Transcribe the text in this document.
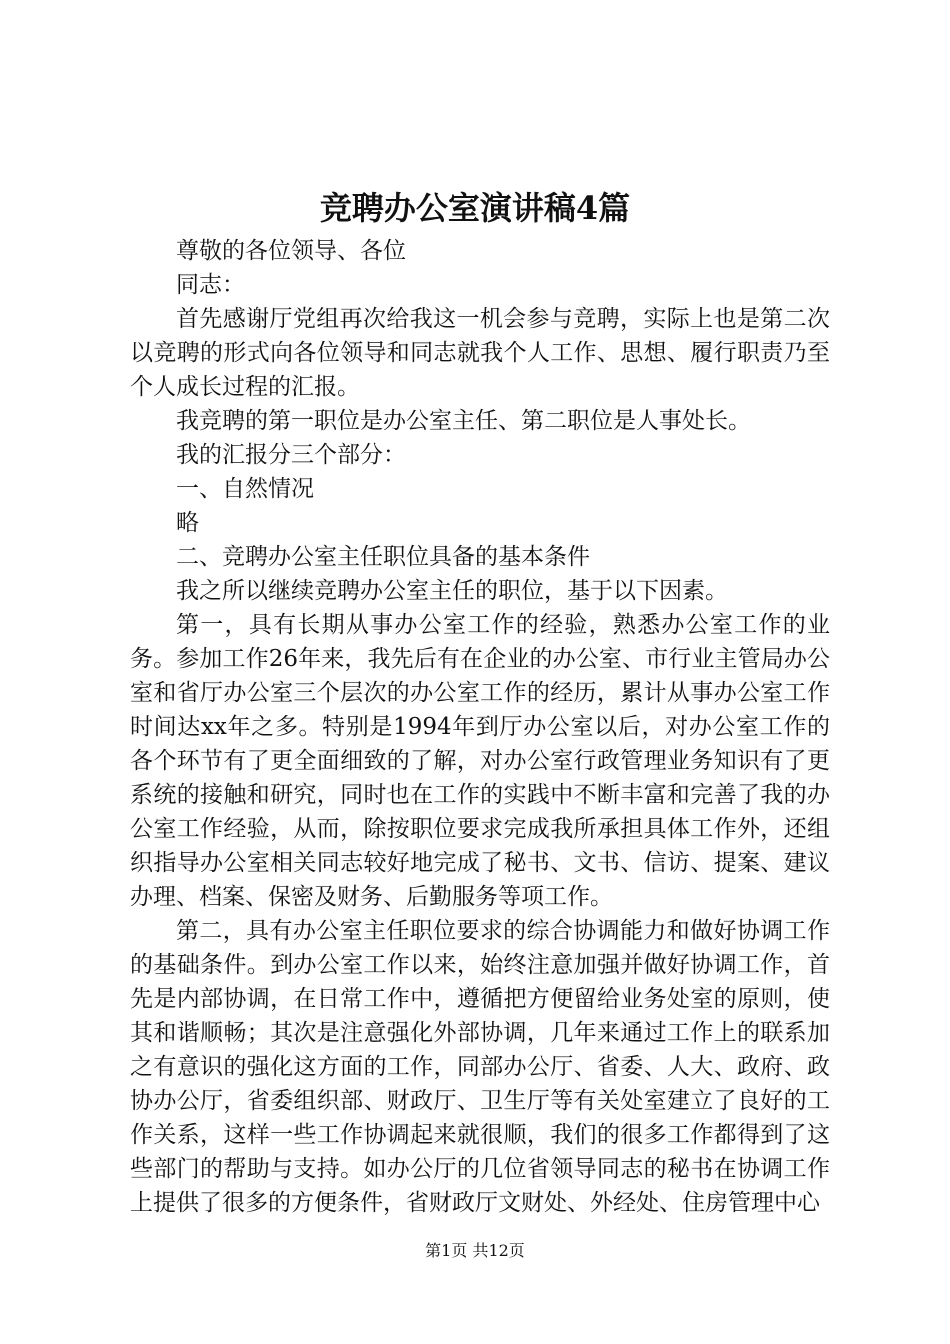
竞聘办公室演讲稿4篇

尊敬的各位领导、各位

同志：

首先感谢厅党组再次给我这一机会参与竞聘，实际上也是第二次以竞聘的形式向各位领导和同志就我个人工作、思想、履行职责乃至个人成长过程的汇报。

我竞聘的第一职位是办公室主任、第二职位是人事处长。

我的汇报分三个部分：

一、自然情况

略

二、竞聘办公室主任职位具备的基本条件

我之所以继续竞聘办公室主任的职位，基于以下因素。

第一，具有长期从事办公室工作的经验，熟悉办公室工作的业务。参加工作26年来，我先后有在企业的办公室、市行业主管局办公室和省厅办公室三个层次的办公室工作的经历，累计从事办公室工作时间达xx年之多。特别是1994年到厅办公室以后，对办公室工作的各个环节有了更全面细致的了解，对办公室行政管理业务知识有了更系统的接触和研究，同时也在工作的实践中不断丰富和完善了我的办公室工作经验，从而，除按职位要求完成我所承担具体工作外，还组织指导办公室相关同志较好地完成了秘书、文书、信访、提案、建议办理、档案、保密及财务、后勤服务等项工作。

第二，具有办公室主任职位要求的综合协调能力和做好协调工作的基础条件。到办公室工作以来，始终注意加强并做好协调工作，首先是内部协调，在日常工作中，遵循把方便留给业务处室的原则，使其和谐顺畅；其次是注意强化外部协调，几年来通过工作上的联系加之有意识的强化这方面的工作，同部办公厅、省委、人大、政府、政协办公厅，省委组织部、财政厅、卫生厅等有关处室建立了良好的工作关系，这样一些工作协调起来就很顺，我们的很多工作都得到了这些部门的帮助与支持。如办公厅的几位省领导同志的秘书在协调工作上提供了很多的方便条件，省财政厅文财处、外经处、住房管理中心

第1页 共12页
